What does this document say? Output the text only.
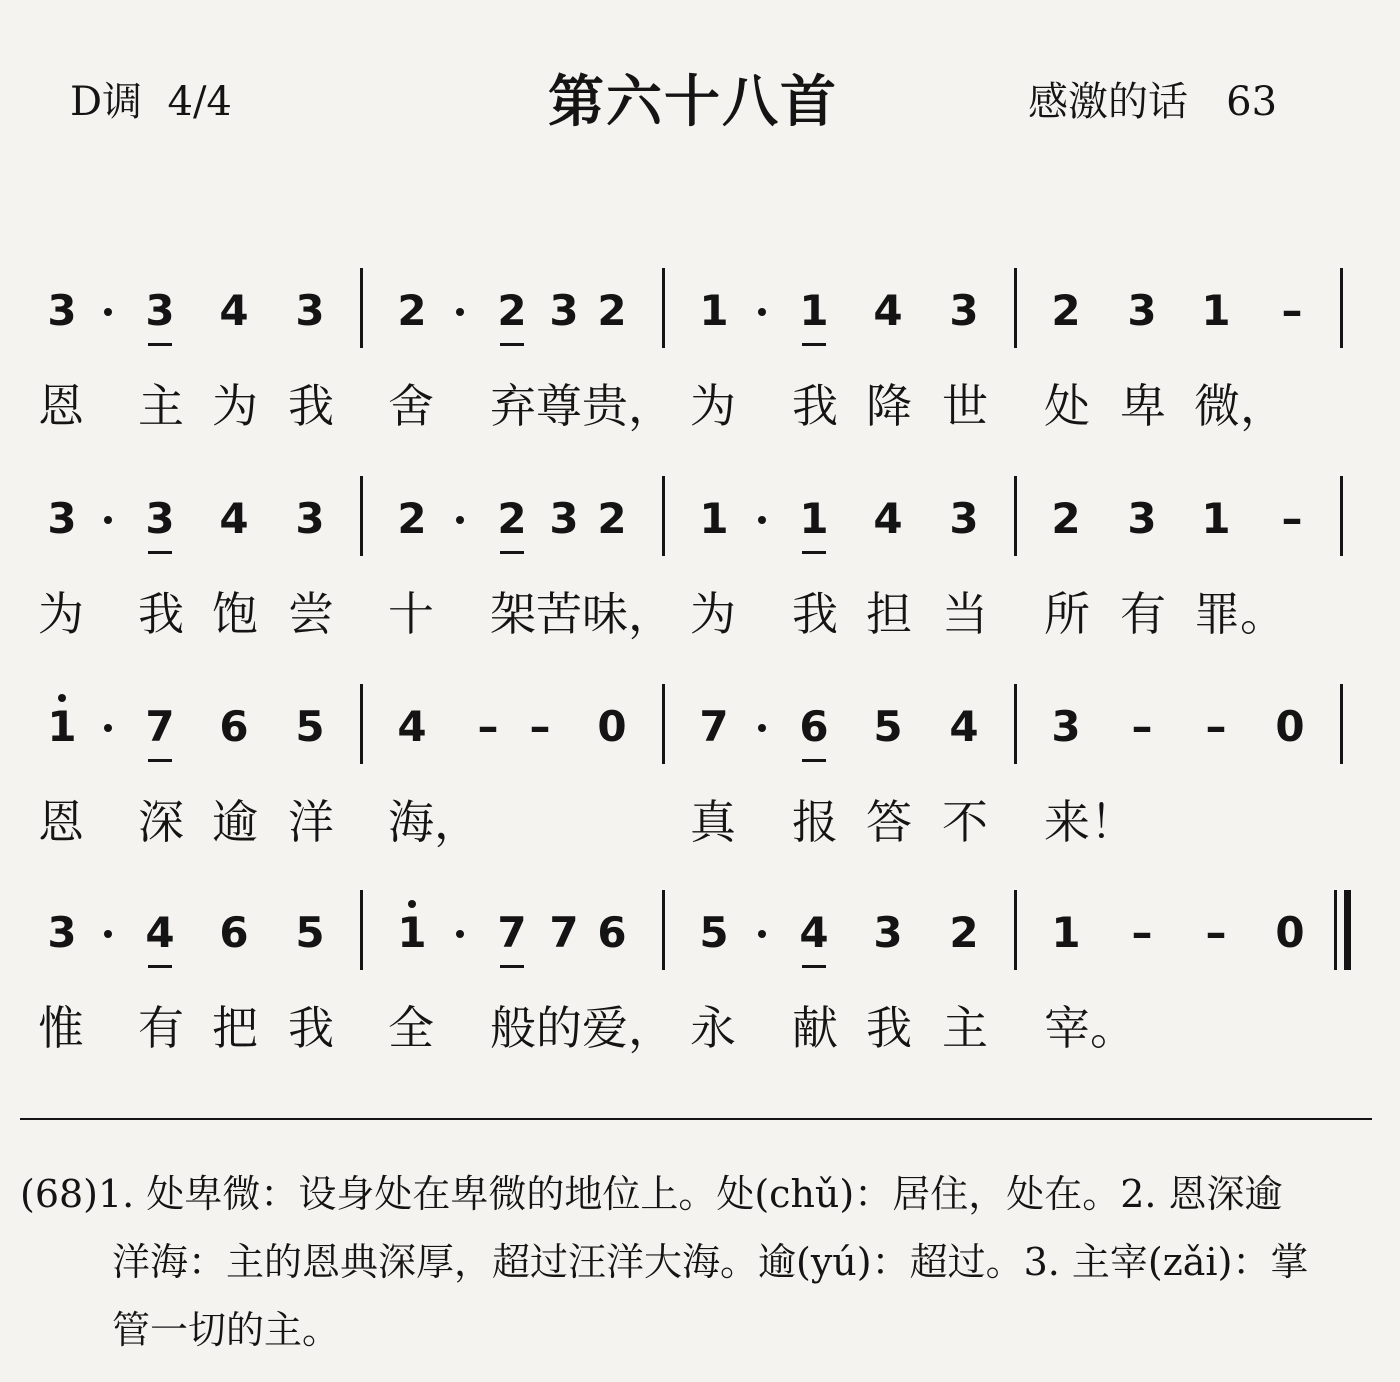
D调  4/4	第六十八首	感激的话   63
3 3 4 3 2 2 3 2 1 1 4 3 2 3 1 –
恩 主 为 我 舍 弃尊贵， 为 我 降 世 处 卑 微，
3 3 4 3 2 2 3 2 1 1 4 3 2 3 1 –
为 我 饱 尝 十 架苦味， 为 我 担 当 所 有 罪。
1 7 6 5 4 – – 0 7 6 5 4 3 – – 0
恩 深 逾 洋 海，	真 报 答 不 来！
3 4 6 5 1 7 7 6 5 4 3 2 1 – – 0
惟 有 把 我 全 般的爱， 永 献 我 主 宰。

(68)1. 处卑微：设身处在卑微的地位上。处(chǔ)：居住，处在。2. 恩深逾

洋海：主的恩典深厚，超过汪洋大海。逾(yú)：超过。3. 主宰(zǎi)：掌

管一切的主。
